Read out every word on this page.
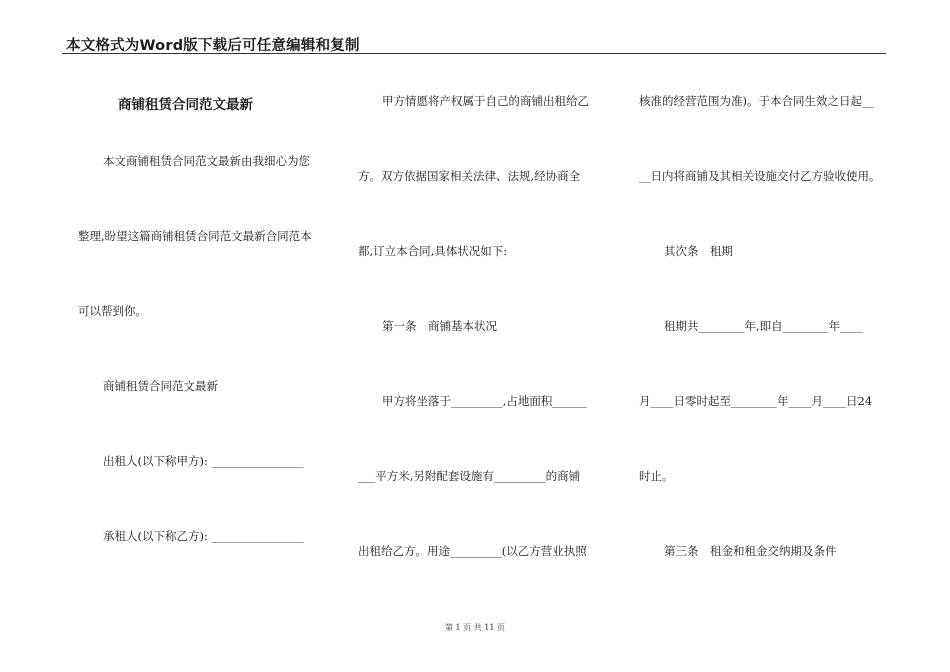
本文格式为Word版下载后可任意编辑和复制
商铺租赁合同范文最新
本文商铺租赁合同范文最新由我细心为您
整理,盼望这篇商铺租赁合同范文最新合同范本
可以帮到你。
商铺租赁合同范文最新
出租人(以下称甲方): ________________
承租人(以下称乙方): ________________
甲方情愿将产权属于自己的商铺出租给乙
方。双方依据国家相关法律、法规,经协商全
都,订立本合同,具体状况如下:
第一条　商铺基本状况
甲方将坐落于_________,占地面积______
___平方米,另附配套设施有_________的商铺
出租给乙方。用途_________(以乙方营业执照
核准的经营范围为准)。于本合同生效之日起__
__日内将商铺及其相关设施交付乙方验收使用。
其次条　租期
租期共________年,即自________年____
月____日零时起至________年____月____日24
时止。
第三条　租金和租金交纳期及条件
第 1 页 共 11 页
